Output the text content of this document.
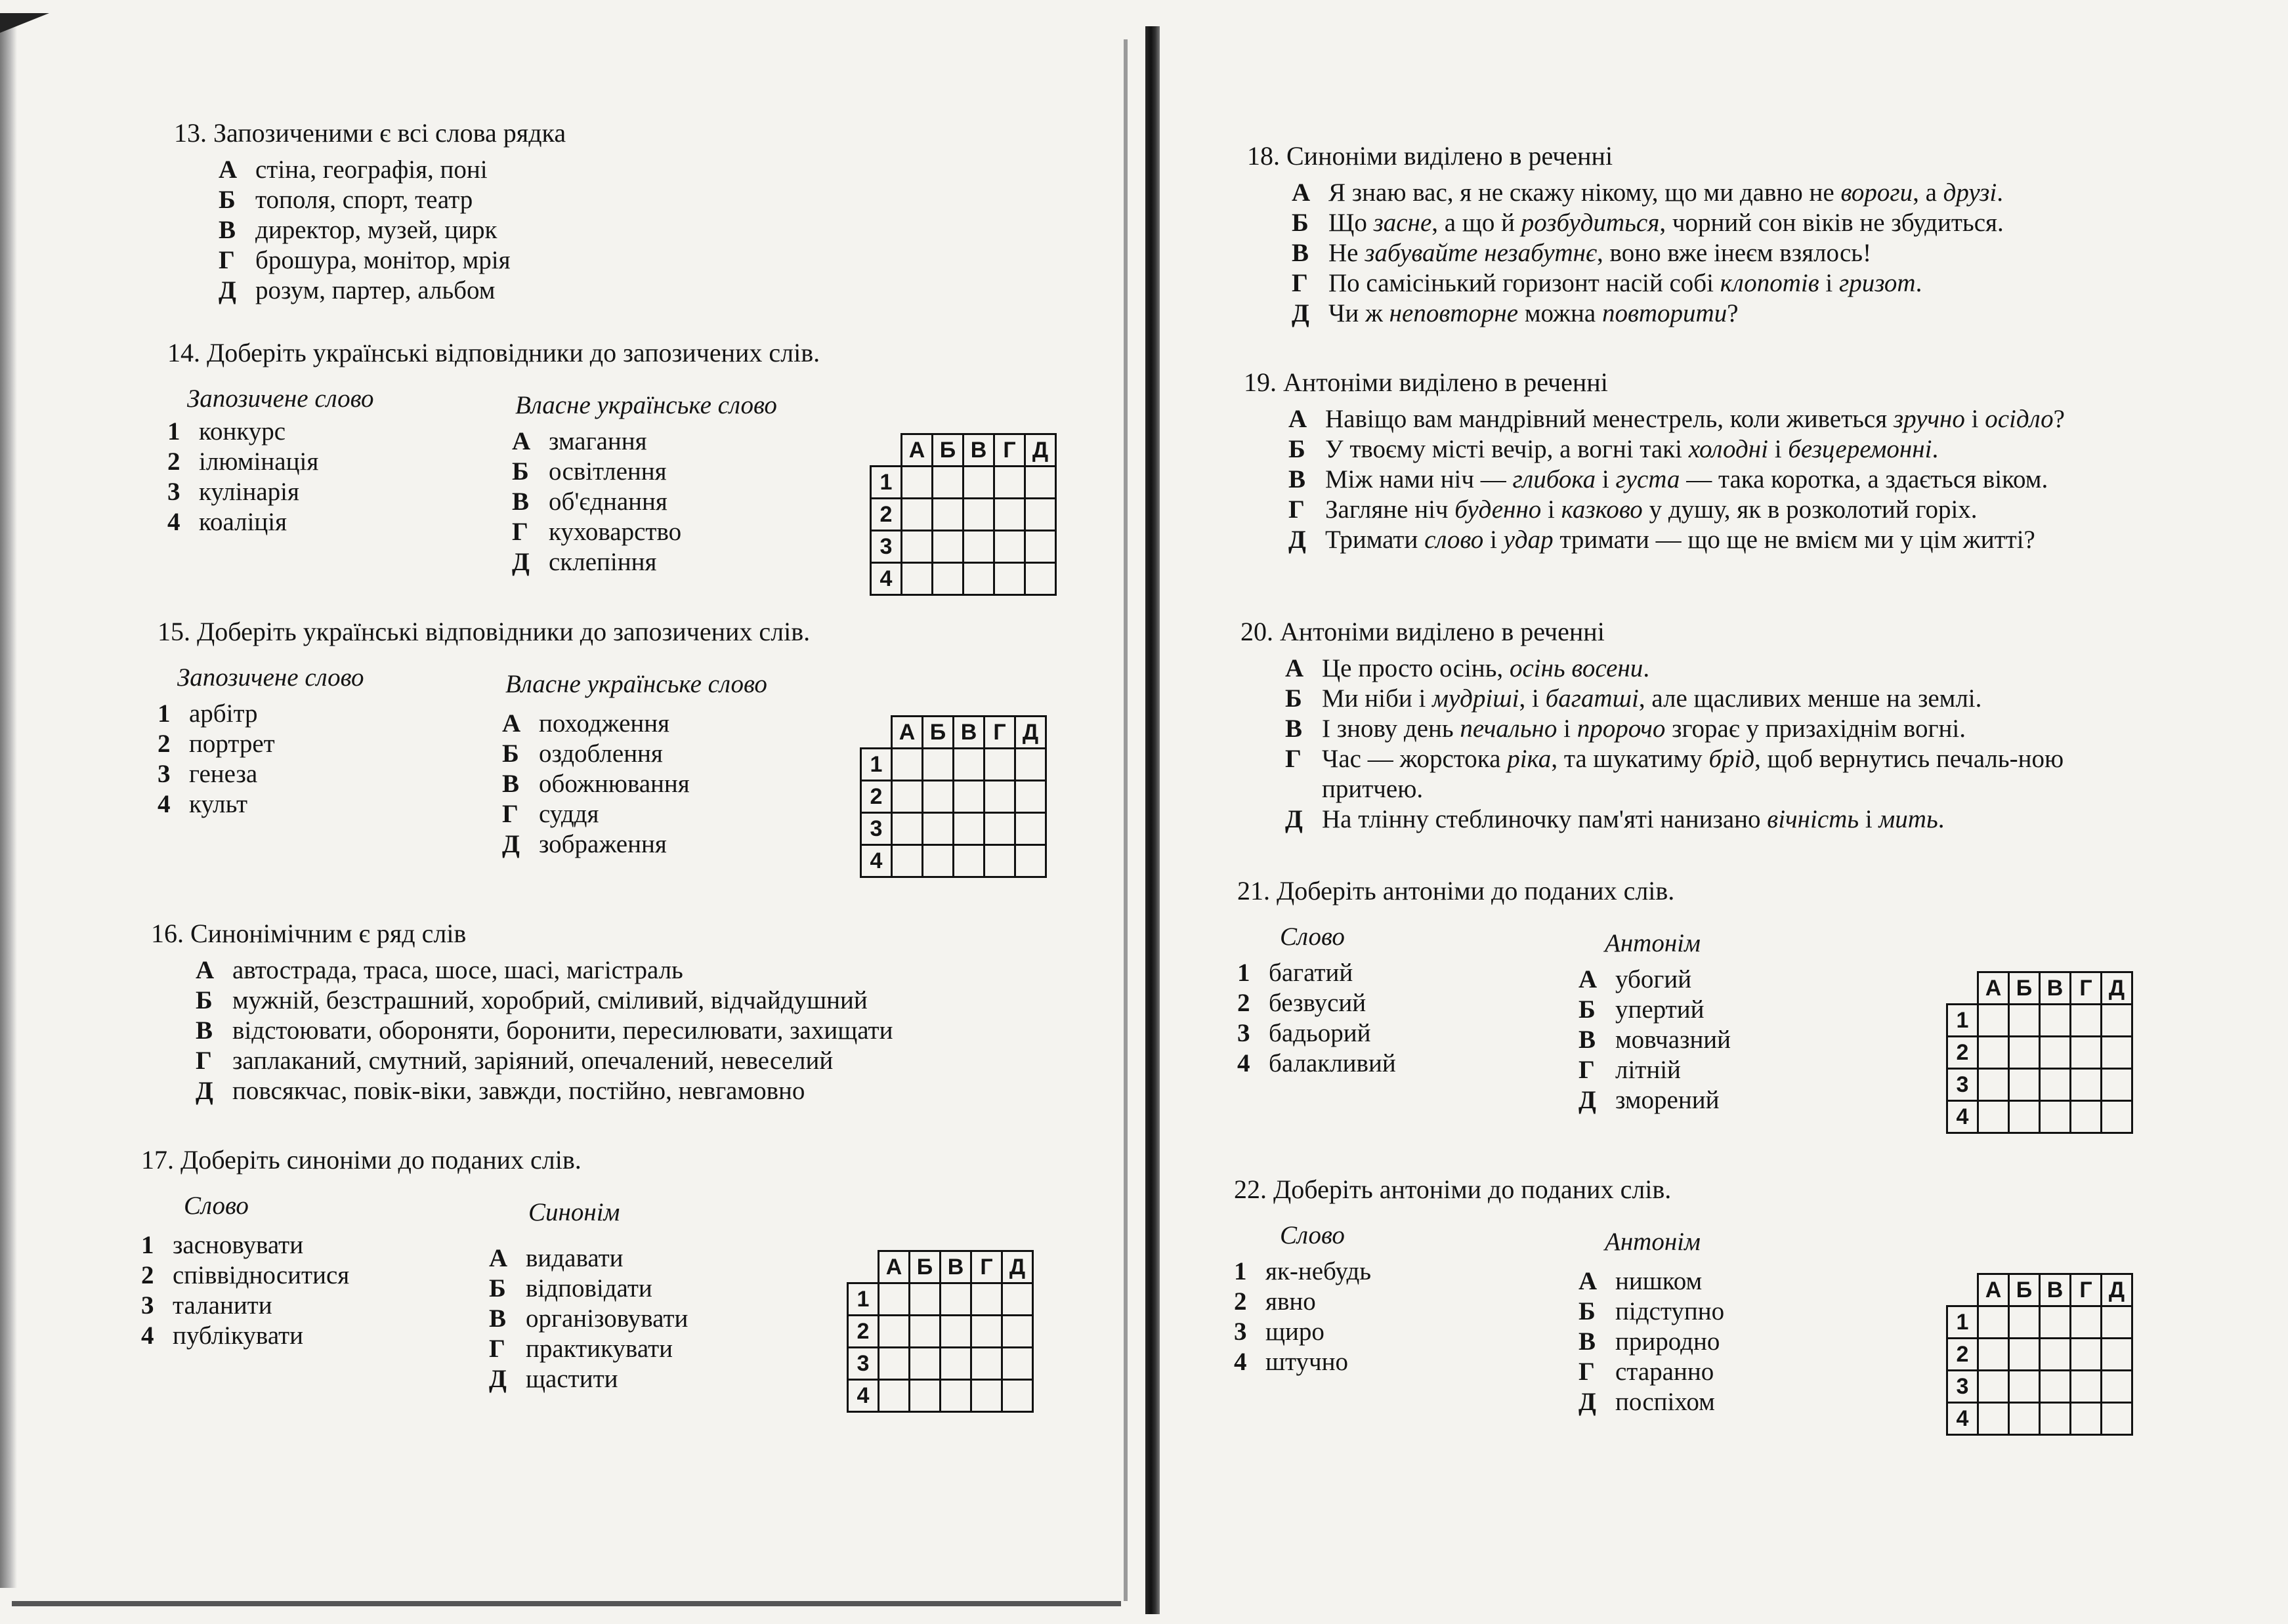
13. Запозиченими є всі слова рядка
А стіна, географія, поні
Б тополя, спорт, театр
В директор, музей, цирк
Г брошура, монітор, мрія
Д розум, партер, альбом
14. Доберіть українські відповідники до запозичених слів.
Запозичене слово	Власне українське слово
1 конкурс
2 ілюмінація
3 кулінарія
4 коаліція
А змагання
Б освітлення
В об'єднання
Г куховарство
Д склепіння
	А	Б	В	Г	Д
1					
2					
3					
4					
15. Доберіть українські відповідники до запозичених слів.
Запозичене слово	Власне українське слово
1 арбітр
2 портрет
3 генеза
4 культ
А походження
Б оздоблення
В обожнювання
Г суддя
Д зображення
	А	Б	В	Г	Д
1					
2					
3					
4					
16. Синонімічним є ряд слів
А автострада, траса, шосе, шасі, магістраль
Б мужній, безстрашний, хоробрий, сміливий, відчайдушний
В відстоювати, обороняти, боронити, пересилювати, захищати
Г заплаканий, смутний, заріяний, опечалений, невеселий
Д повсякчас, повік-віки, завжди, постійно, невгамовно
17. Доберіть синоніми до поданих слів.
Слово	Синонім
1 засновувати
2 співвідноситися
3 таланити
4 публікувати
А видавати
Б відповідати
В організовувати
Г практикувати
Д щастити
	А	Б	В	Г	Д
1					
2					
3					
4					
18. Синоніми виділено в реченні
А Я знаю вас, я не скажу нікому, що ми давно не вороги, а друзі.
Б Що засне, а що й розбудиться, чорний сон віків не збудиться.
В Не забувайте незабутнє, воно вже інеєм взялось!
Г По самісінький горизонт насій собі клопотів і гризот.
Д Чи ж неповторне можна повторити?
19. Антоніми виділено в реченні
А Навіщо вам мандрівний менестрель, коли живеться зручно і осідло?
Б У твоєму місті вечір, а вогні такі холодні і безцеремонні.
В Між нами ніч — глибока і густа — така коротка, а здається віком.
Г Загляне ніч буденно і казково у душу, як в розколотий горіх.
Д Тримати слово і удар тримати — що ще не вмієм ми у цім житті?
20. Антоніми виділено в реченні
А Це просто осінь, осінь восени.
Б Ми ніби і мудріші, і багатші, але щасливих менше на землі.
В І знову день печально і пророчо згорає у призахіднім вогні.
Г Час — жорстока ріка, та шукатиму брід, щоб вернутись печаль-ною притчею.
Д На тлінну стеблиночку пам'яті нанизано вічність і мить.
21. Доберіть антоніми до поданих слів.
Слово	Антонім
1 багатий
2 безвусий
3 бадьорий
4 балакливий
А убогий
Б упертий
В мовчазний
Г літній
Д зморений
	А	Б	В	Г	Д
1					
2					
3					
4					
22. Доберіть антоніми до поданих слів.
Слово	Антонім
1 як-небудь
2 явно
3 щиро
4 штучно
А нишком
Б підступно
В природно
Г старанно
Д поспіхом
	А	Б	В	Г	Д
1					
2					
3					
4					
